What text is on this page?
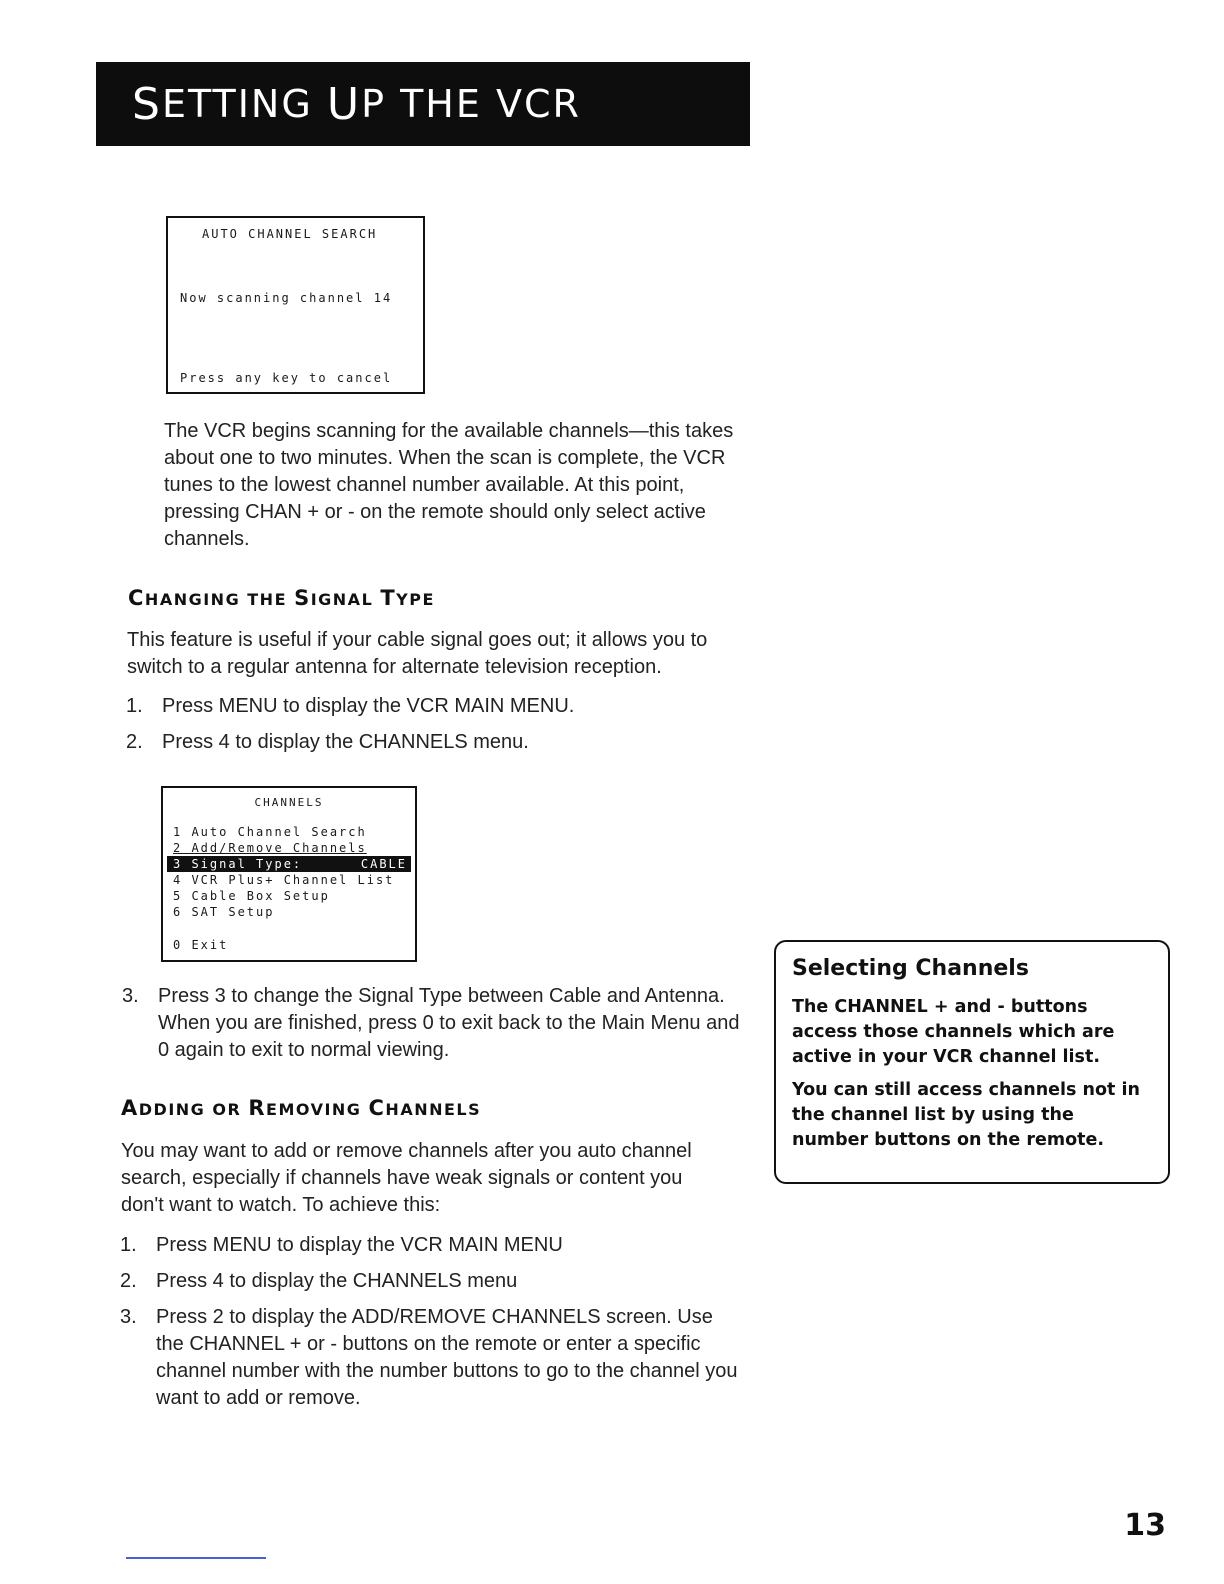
S ETTING U P THE VCR
AUTO CHANNEL SEARCH
Now scanning channel 14
Press any key to cancel

The VCR begins scanning for the available channels—this takes about one to two minutes. When the scan is complete, the VCR tunes to the lowest channel number available. At this point, pressing CHAN + or - on the remote should only select active channels.

CHANGING THE SIGNAL TYPE

This feature is useful if your cable signal goes out; it allows you to switch to a regular antenna for alternate television reception.

1. Press MENU to display the VCR MAIN MENU.
2. Press 4 to display the CHANNELS menu.
CHANNELS
1 Auto Channel Search
2 Add/Remove Channels
3 Signal Type:	CABLE
4 VCR Plus+ Channel List
5 Cable Box Setup
6 SAT Setup
0 Exit
3. Press 3 to change the Signal Type between Cable and Antenna. When you are finished, press 0 to exit back to the Main Menu and 0 again to exit to normal viewing.
ADDING OR REMOVING CHANNELS

You may want to add or remove channels after you auto channel search, especially if channels have weak signals or content you don't want to watch. To achieve this:

1. Press MENU to display the VCR MAIN MENU
2. Press 4 to display the CHANNELS menu
3. Press 2 to display the ADD/REMOVE CHANNELS screen. Use the CHANNEL + or - buttons on the remote or enter a specific channel number with the number buttons to go to the channel you want to add or remove.
Selecting Channels

The CHANNEL + and - buttons access those channels which are active in your VCR channel list.

You can still access channels not in the channel list by using the number buttons on the remote.

13
